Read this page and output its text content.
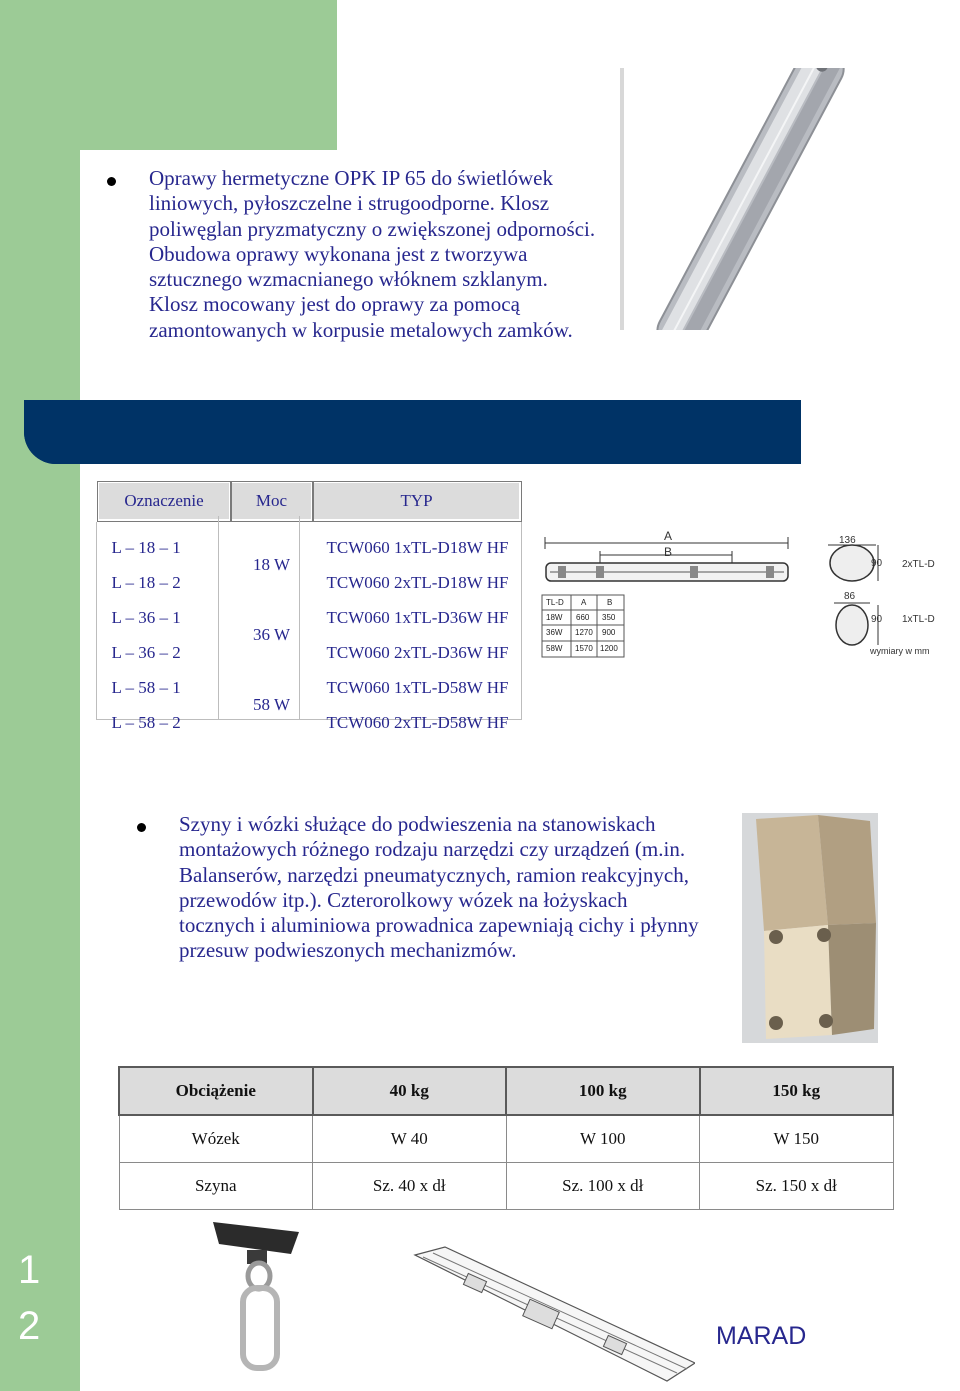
Oprawy hermetyczne OPK IP 65 do świetlówek liniowych, pyłoszczelne i strugoodporne. Klosz poliwęglan pryzmatyczny o zwiększonej odporności. Obudowa oprawy wykonana jest z tworzywa sztucznego wzmacnianego włóknem szklanym. Klosz mocowany jest do oprawy za pomocą zamontowanych w korpusie metalowych zamków.
Oznaczenie	Moc	TYP

L – 18 – 1	18 W	TCW060 1xTL-D18W HF
L – 18 – 2		TCW060 2xTL-D18W HF
L – 36 – 1	36 W	TCW060 1xTL-D36W HF
L – 36 – 2		TCW060 2xTL-D36W HF
L – 58 – 1	58 W	TCW060 1xTL-D58W HF
L – 58 – 2		TCW060 2xTL-D58W HF
A
B
TL-D	A	B
18W 660 350
36W 1270 900
58W 1570 1200
136
90 2xTL-D
86
90 1xTL-D
wymiary w mm
Szyny i wózki służące do podwieszenia na stanowiskach montażowych różnego rodzaju narzędzi czy urządzeń (m.in. Balanserów, narzędzi pneumatycznych, ramion reakcyjnych, przewodów itp.). Czterorolkowy wózek na łożyskach tocznych i aluminiowa prowadnica zapewniają cichy i płynny przesuw podwieszonych mechanizmów.
Obciążenie	40 kg	100 kg	150 kg
Wózek	W 40	W 100	W 150
Szyna	Sz. 40 x dł	Sz. 100 x dł	Sz. 150 x dł
1
2	MARAD
